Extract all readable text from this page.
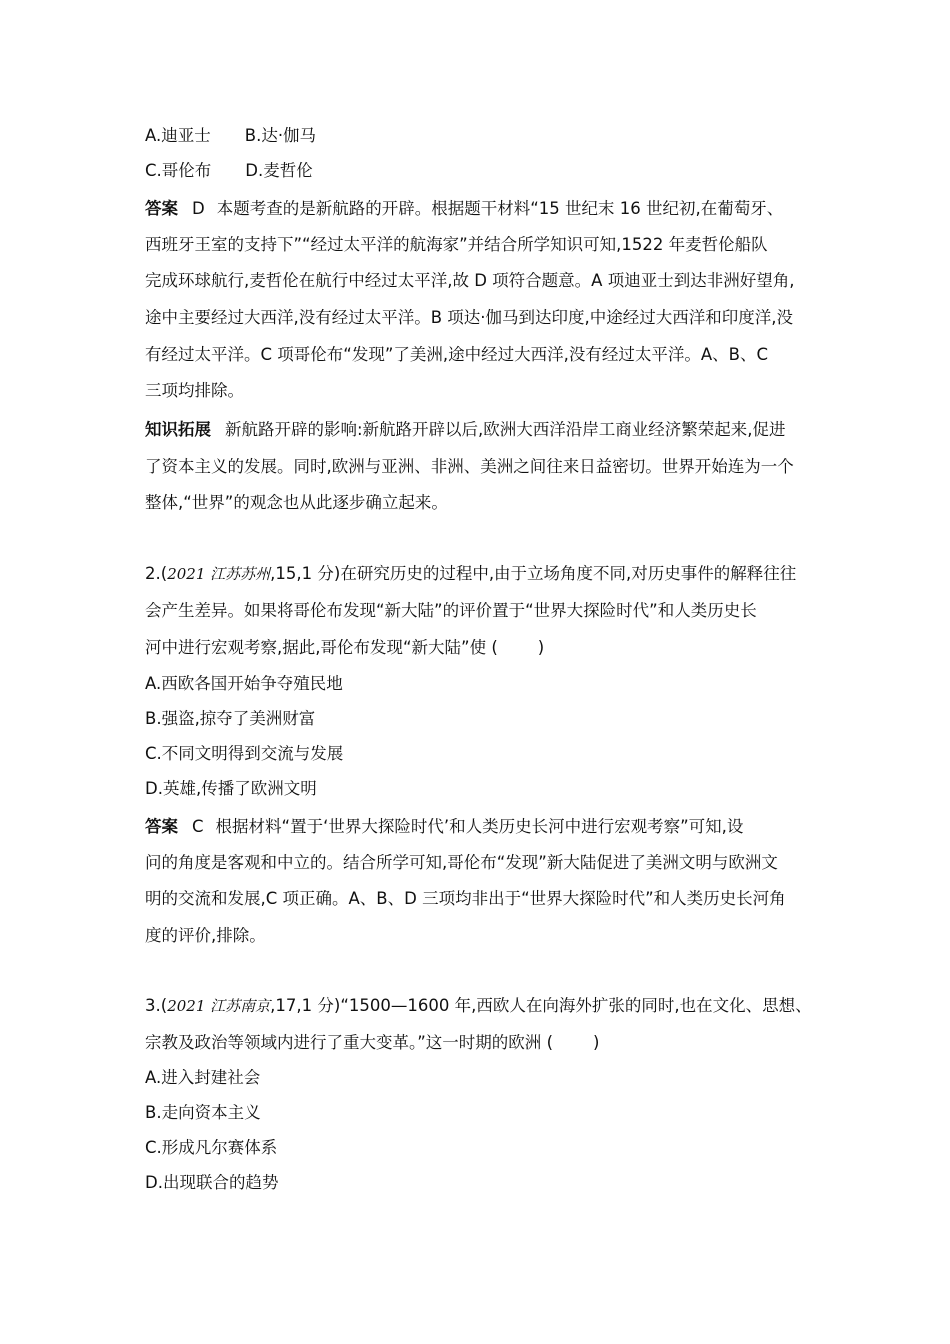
A.迪亚士 B.达·伽马
C.哥伦布 D.麦哲伦
答案 D 本题考查的是新航路的开辟。根据题干材料“15 世纪末 16 世纪初,在葡萄牙、
西班牙王室的支持下”“经过太平洋的航海家”并结合所学知识可知,1522 年麦哲伦船队
完成环球航行,麦哲伦在航行中经过太平洋,故 D 项符合题意。A 项迪亚士到达非洲好望角,
途中主要经过大西洋,没有经过太平洋。B 项达·伽马到达印度,中途经过大西洋和印度洋,没
有经过太平洋。C 项哥伦布“发现”了美洲,途中经过大西洋,没有经过太平洋。A、B、C
三项均排除。
知识拓展 新航路开辟的影响:新航路开辟以后,欧洲大西洋沿岸工商业经济繁荣起来,促进
了资本主义的发展。同时,欧洲与亚洲、非洲、美洲之间往来日益密切。世界开始连为一个
整体,“世界”的观念也从此逐步确立起来。
2.(2021 江苏苏州,15,1 分)在研究历史的过程中,由于立场角度不同,对历史事件的解释往往
会产生差异。如果将哥伦布发现“新大陆”的评价置于“世界大探险时代”和人类历史长
河中进行宏观考察,据此,哥伦布发现“新大陆”使 ( )
A.西欧各国开始争夺殖民地
B.强盗,掠夺了美洲财富
C.不同文明得到交流与发展
D.英雄,传播了欧洲文明
答案 C 根据材料“置于‘世界大探险时代’和人类历史长河中进行宏观考察”可知,设
问的角度是客观和中立的。结合所学可知,哥伦布“发现”新大陆促进了美洲文明与欧洲文
明的交流和发展,C 项正确。A、B、D 三项均非出于“世界大探险时代”和人类历史长河角
度的评价,排除。
3.(2021 江苏南京,17,1 分)“1500—1600 年,西欧人在向海外扩张的同时,也在文化、思想、
宗教及政治等领域内进行了重大变革。”这一时期的欧洲 ( )
A.进入封建社会
B.走向资本主义
C.形成凡尔赛体系
D.出现联合的趋势
